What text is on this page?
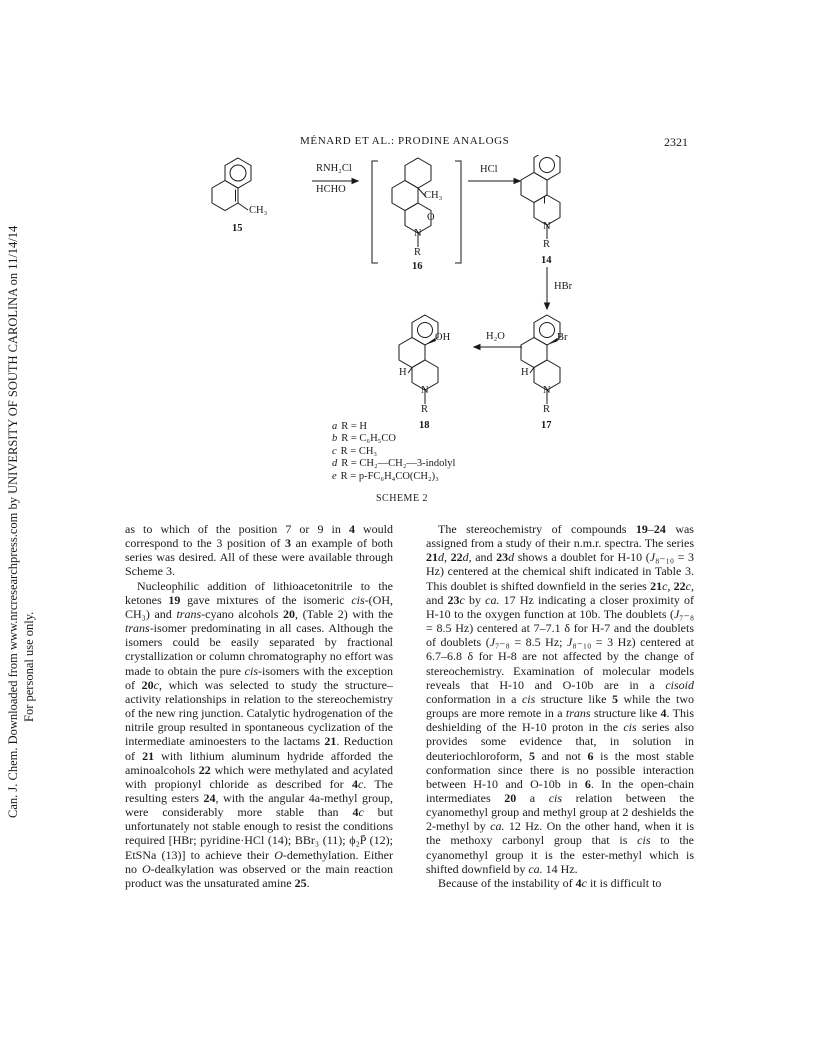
Can. J. Chem. Downloaded from www.nrcresearchpress.com by UNIVERSITY OF SOUTH CAROLINA on 11/14/14 For personal use only.
MÉNARD ET AL.: PRODINE ANALOGS	2321
RNH₂Cl
HCHO
HCl
HBr
H₂O
CH₃
CH₃
O
N
R
N
R
Br
H
N
R
OH
H
N
R
15
16
14
18	17
a R = H
b R = C₆H₅CO
c R = CH₃
d R = CH₂—CH₂—3-indolyl
e R = p-FC₆H₄CO(CH₂)₃
SCHEME 2

as to which of the position 7 or 9 in 4 would correspond to the 3 position of 3 an example of both series was desired. All of these were available through Scheme 3.

Nucleophilic addition of lithioacetonitrile to the ketones 19 gave mixtures of the isomeric cis-(OH, CH₃) and trans-cyano alcohols 20, (Table 2) with the trans-isomer predominating in all cases. Although the isomers could be easily separated by fractional crystallization or column chromatography no effort was made to obtain the pure cis-isomers with the exception of 20c, which was selected to study the structure–activity relationships in relation to the stereochemistry of the new ring junction. Catalytic hydrogenation of the nitrile group resulted in spontaneous cyclization of the intermediate aminoesters to the lactams 21. Reduction of 21 with lithium aluminum hydride afforded the aminoalcohols 22 which were methylated and acylated with propionyl chloride as described for 4c. The resulting esters 24, with the angular 4a-methyl group, were considerably more stable than 4c but unfortunately not stable enough to resist the conditions required [HBr; pyridine·HCl (14); BBr₃ (11); ϕ₂P̄ (12); EtSNa (13)] to achieve their O-demethylation. Either no O-dealkylation was observed or the main reaction product was the unsaturated amine 25.

The stereochemistry of compounds 19–24 was assigned from a study of their n.m.r. spectra. The series 21d, 22d, and 23d shows a doublet for H-10 (J₈₋₁₀ = 3 Hz) centered at the chemical shift indicated in Table 3. This doublet is shifted downfield in the series 21c, 22c, and 23c by ca. 17 Hz indicating a closer proximity of H-10 to the oxygen function at 10b. The doublets (J₇₋₈ = 8.5 Hz) centered at 7–7.1 δ for H-7 and the doublets of doublets (J₇₋₈ = 8.5 Hz; J₈₋₁₀ = 3 Hz) centered at 6.7–6.8 δ for H-8 are not affected by the change of stereochemistry. Examination of molecular models reveals that H-10 and O-10b are in a cisoid conformation in a cis structure like 5 while the two groups are more remote in a trans structure like 4. This deshielding of the H-10 proton in the cis series also provides some evidence that, in solution in deuteriochloroform, 5 and not 6 is the most stable conformation since there is no possible interaction between H-10 and O-10b in 6. In the open-chain intermediates 20 a cis relation between the cyanomethyl group and methyl group at 2 deshields the 2-methyl by ca. 12 Hz. On the other hand, when it is the methoxy carbonyl group that is cis to the cyanomethyl group it is the ester-methyl which is shifted downfield by ca. 14 Hz.

Because of the instability of 4c it is difficult to
